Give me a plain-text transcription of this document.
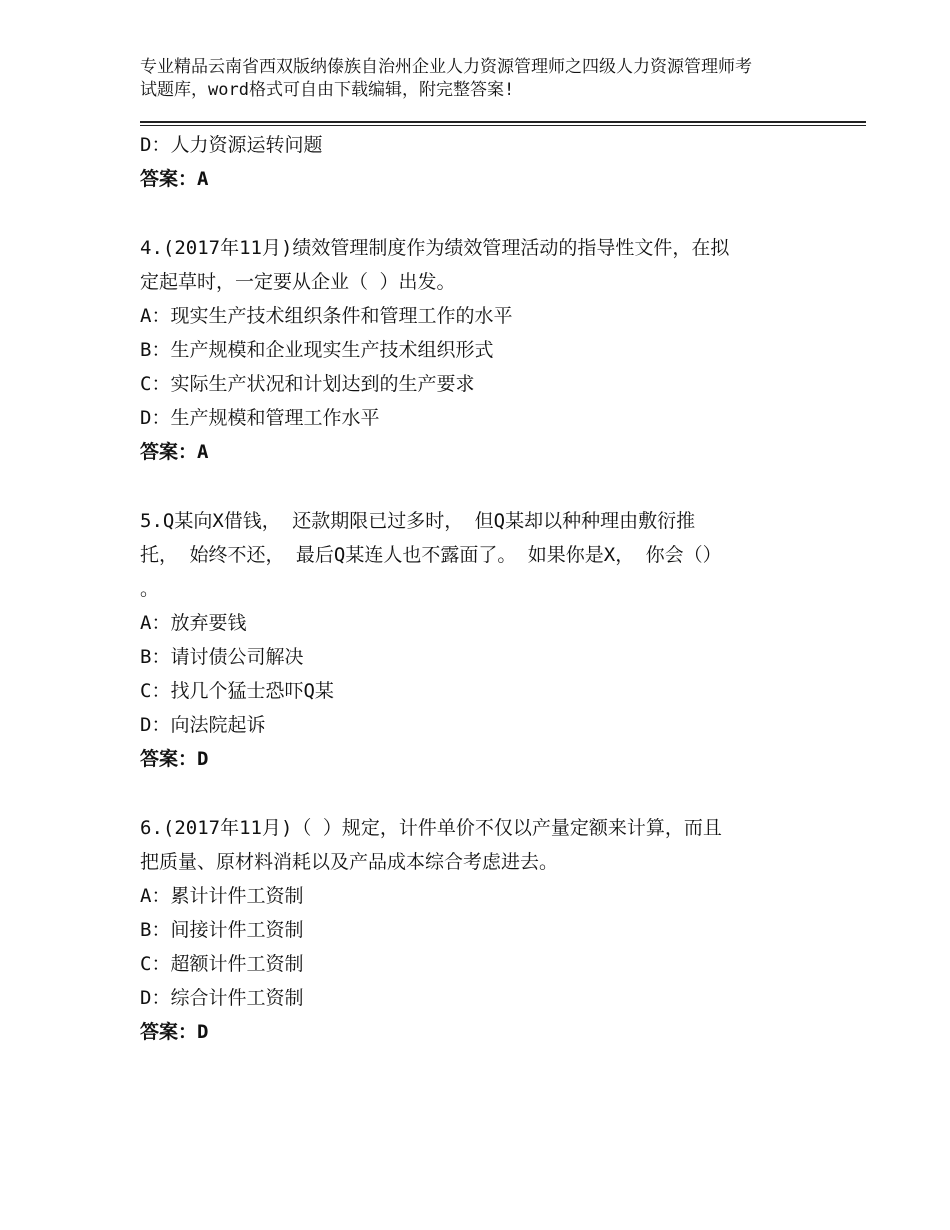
专业精品云南省西双版纳傣族自治州企业人力资源管理师之四级人力资源管理师考
试题库，word格式可自由下载编辑，附完整答案!
D：人力资源运转问题
答案：A
4.(2017年11月)绩效管理制度作为绩效管理活动的指导性文件，在拟
定起草时，一定要从企业（ ）出发。
A：现实生产技术组织条件和管理工作的水平
B：生产规模和企业现实生产技术组织形式
C：实际生产状况和计划达到的生产要求
D：生产规模和管理工作水平
答案：A
5.Q某向X借钱， 还款期限已过多时， 但Q某却以种种理由敷衍推
托， 始终不还， 最后Q某连人也不露面了。 如果你是X， 你会（）
。
A：放弃要钱
B：请讨债公司解决
C：找几个猛士恐吓Q某
D：向法院起诉
答案：D
6.(2017年11月)（ ）规定，计件单价不仅以产量定额来计算，而且
把质量、原材料消耗以及产品成本综合考虑进去。
A：累计计件工资制
B：间接计件工资制
C：超额计件工资制
D：综合计件工资制
答案：D
